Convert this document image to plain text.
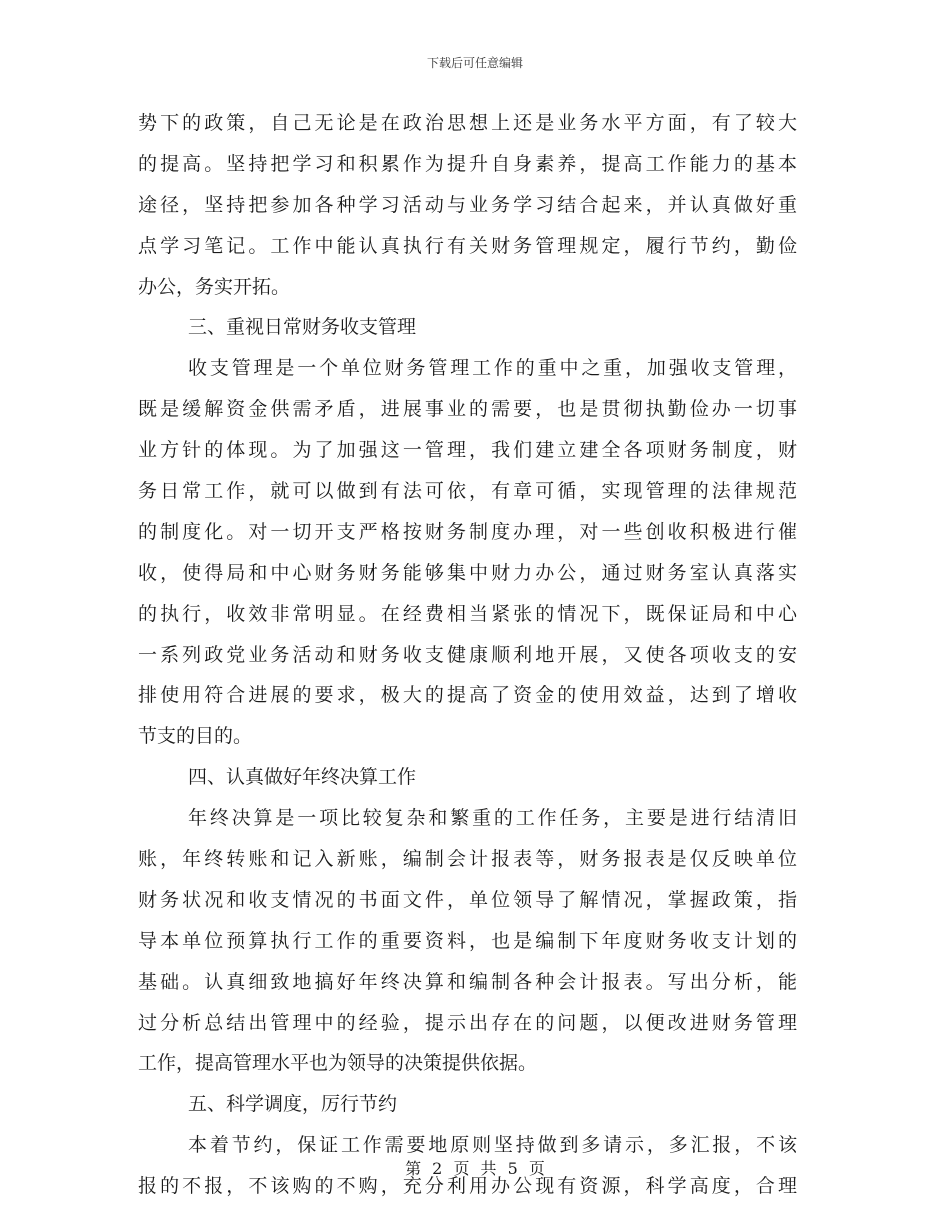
下载后可任意编辑
势下的政策，自己无论是在政治思想上还是业务水平方面，有了较大
的提高。坚持把学习和积累作为提升自身素养，提高工作能力的基本
途径，坚持把参加各种学习活动与业务学习结合起来，并认真做好重
点学习笔记。工作中能认真执行有关财务管理规定，履行节约，勤俭
办公，务实开拓。
三、重视日常财务收支管理
收支管理是一个单位财务管理工作的重中之重，加强收支管理，
既是缓解资金供需矛盾，进展事业的需要，也是贯彻执勤俭办一切事
业方针的体现。为了加强这一管理，我们建立建全各项财务制度，财
务日常工作，就可以做到有法可依，有章可循，实现管理的法律规范
的制度化。对一切开支严格按财务制度办理，对一些创收积极进行催
收，使得局和中心财务财务能够集中财力办公，通过财务室认真落实
的执行，收效非常明显。在经费相当紧张的情况下，既保证局和中心
一系列政党业务活动和财务收支健康顺利地开展，又使各项收支的安
排使用符合进展的要求，极大的提高了资金的使用效益，达到了增收
节支的目的。
四、认真做好年终决算工作
年终决算是一项比较复杂和繁重的工作任务，主要是进行结清旧
账，年终转账和记入新账，编制会计报表等，财务报表是仅反映单位
财务状况和收支情况的书面文件，单位领导了解情况，掌握政策，指
导本单位预算执行工作的重要资料，也是编制下年度财务收支计划的
基础。认真细致地搞好年终决算和编制各种会计报表。写出分析，能
过分析总结出管理中的经验，提示出存在的问题，以便改进财务管理
工作，提高管理水平也为领导的决策提供依据。
五、科学调度，厉行节约
本着节约，保证工作需要地原则坚持做到多请示，多汇报，不该
报的不报，不该购的不购，充分利用办公现有资源，科学高度，合理
第 2 页 共 5 页
